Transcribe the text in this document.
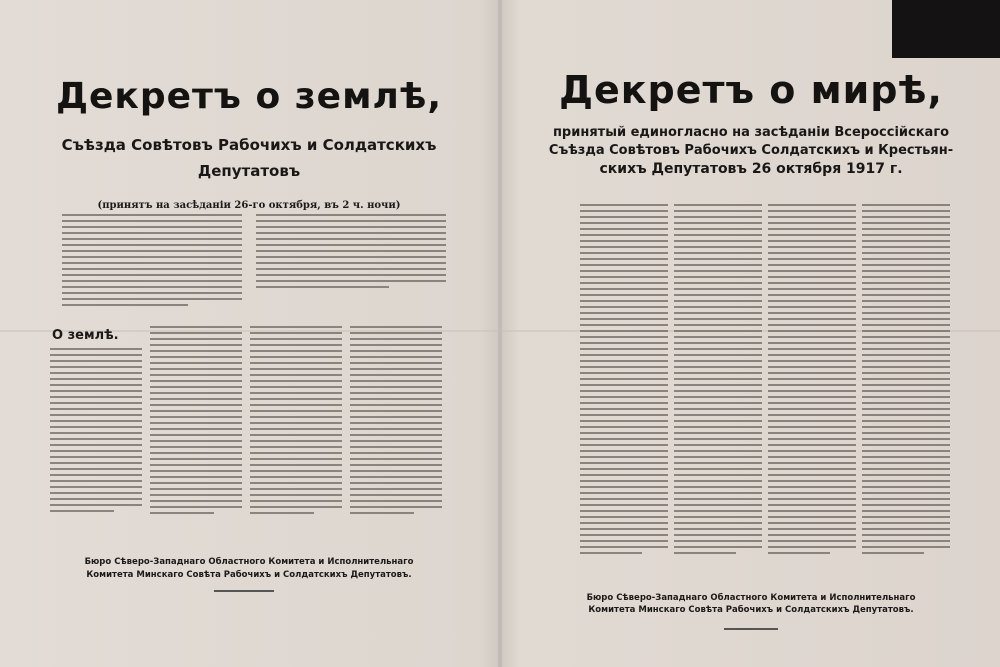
Декретъ о землѣ,

Съѣзда Совѣтовъ Рабочихъ и Солдатскихъ

Депутатовъ

(принятъ на засѣданіи 26-го октября, въ 2 ч. ночи)

О землѣ.

Бюро Сѣверо-Западнаго Областного Комитета и Исполнительнаго

Комитета Минскаго Совѣта Рабочихъ и Солдатскихъ Депутатовъ.

Декретъ о мирѣ,

принятый единогласно на засѣданіи Всероссійскаго

Съѣзда Совѣтовъ Рабочихъ Солдатскихъ и Крестьян-

скихъ Депутатовъ 26 октября 1917 г.

Бюро Сѣверо-Западнаго Областного Комитета и Исполнительнаго

Комитета Минскаго Совѣта Рабочихъ и Солдатскихъ Депутатовъ.
